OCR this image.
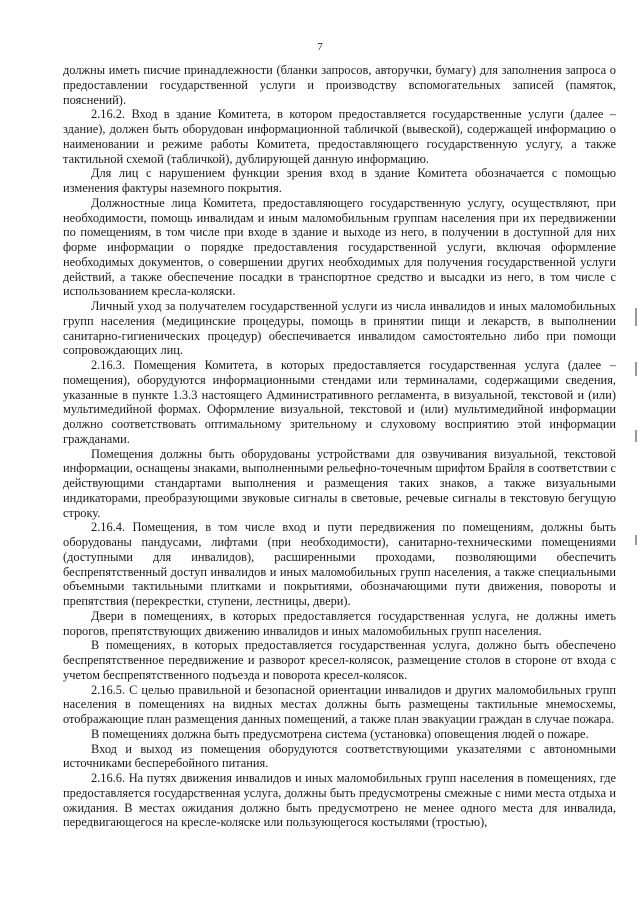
7

должны иметь писчие принадлежности (бланки запросов, авторучки, бумагу) для заполнения запроса о предоставлении государственной услуги и производству вспомогательных записей (памяток, пояснений).

2.16.2. Вход в здание Комитета, в котором предоставляется государственные услуги (далее – здание), должен быть оборудован информационной табличкой (вывеской), содержащей информацию о наименовании и режиме работы Комитета, предоставляющего государственную услугу, а также тактильной схемой (табличкой), дублирующей данную информацию.

Для лиц с нарушением функции зрения вход в здание Комитета обозначается с помощью изменения фактуры наземного покрытия.

Должностные лица Комитета, предоставляющего государственную услугу, осуществляют, при необходимости, помощь инвалидам и иным маломобильным группам населения при их передвижении по помещениям, в том числе при входе в здание и выходе из него, в получении в доступной для них форме информации о порядке предоставления государственной услуги, включая оформление необходимых документов, о совершении других необходимых для получения государственной услуги действий, а также обеспечение посадки в транспортное средство и высадки из него, в том числе с использованием кресла-коляски.

Личный уход за получателем государственной услуги из числа инвалидов и иных маломобильных групп населения (медицинские процедуры, помощь в принятии пищи и лекарств, в выполнении санитарно-гигиенических процедур) обеспечивается инвалидом самостоятельно либо при помощи сопровождающих лиц.

2.16.3. Помещения Комитета, в которых предоставляется государственная услуга (далее – помещения), оборудуются информационными стендами или терминалами, содержащими сведения, указанные в пункте 1.3.3 настоящего Административного регламента, в визуальной, текстовой и (или) мультимедийной формах. Оформление визуальной, текстовой и (или) мультимедийной информации должно соответствовать оптимальному зрительному и слуховому восприятию этой информации гражданами.

Помещения должны быть оборудованы устройствами для озвучивания визуальной, текстовой информации, оснащены знаками, выполненными рельефно-точечным шрифтом Брайля в соответствии с действующими стандартами выполнения и размещения таких знаков, а также визуальными индикаторами, преобразующими звуковые сигналы в световые, речевые сигналы в текстовую бегущую строку.

2.16.4. Помещения, в том числе вход и пути передвижения по помещениям, должны быть оборудованы пандусами, лифтами (при необходимости), санитарно-техническими помещениями (доступными для инвалидов), расширенными проходами, позволяющими обеспечить беспрепятственный доступ инвалидов и иных маломобильных групп населения, а также специальными объемными тактильными плитками и покрытиями, обозначающими пути движения, повороты и препятствия (перекрестки, ступени, лестницы, двери).

Двери в помещениях, в которых предоставляется государственная услуга, не должны иметь порогов, препятствующих движению инвалидов и иных маломобильных групп населения.

В помещениях, в которых предоставляется государственная услуга, должно быть обеспечено беспрепятственное передвижение и разворот кресел-колясок, размещение столов в стороне от входа с учетом беспрепятственного подъезда и поворота кресел-колясок.

2.16.5. С целью правильной и безопасной ориентации инвалидов и других маломобильных групп населения в помещениях на видных местах должны быть размещены тактильные мнемосхемы, отображающие план размещения данных помещений, а также план эвакуации граждан в случае пожара.

В помещениях должна быть предусмотрена система (установка) оповещения людей о пожаре.

Вход и выход из помещения оборудуются соответствующими указателями с автономными источниками бесперебойного питания.

2.16.6. На путях движения инвалидов и иных маломобильных групп населения в помещениях, где предоставляется государственная услуга, должны быть предусмотрены смежные с ними места отдыха и ожидания. В местах ожидания должно быть предусмотрено не менее одного места для инвалида, передвигающегося на кресле-коляске или пользующегося костылями (тростью),
